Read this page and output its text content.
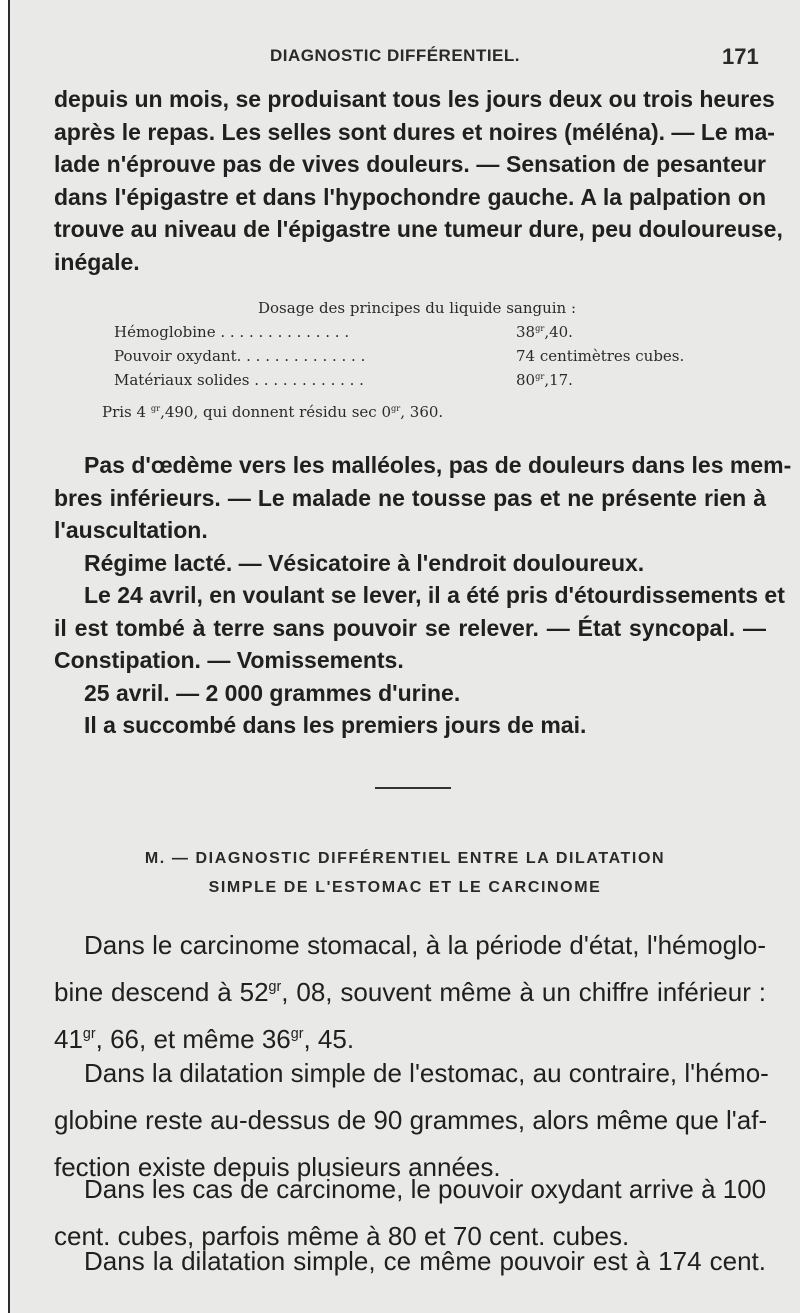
DIAGNOSTIC DIFFÉRENTIEL.	171
depuis un mois, se produisant tous les jours deux ou trois heures
après le repas. Les selles sont dures et noires (méléna). — Le ma-
lade n'éprouve pas de vives douleurs. — Sensation de pesanteur
dans l'épigastre et dans l'hypochondre gauche. A la palpation on
trouve au niveau de l'épigastre une tumeur dure, peu douloureuse,
inégale.
Dosage des principes du liquide sanguin :
Hémoglobine . . . . . . . . . . . . . .	$38^{gr},40$.
Pouvoir oxydant. . . . . . . . . . . . . .	74 centimètres cubes.
Matériaux solides . . . . . . . . . . . .	$80^{gr},17$.
Pris 4 $^{gr}$,490, qui donnent résidu $\sec 0^{gr}$, 360.
Pas d'œdème vers les malléoles, pas de douleurs dans les mem-
bres inférieurs. — Le malade ne tousse pas et ne présente rien à
l'auscultation.
Régime lacté. — Vésicatoire à l'endroit douloureux.
Le 24 avril, en voulant se lever, il a été pris d'étourdissements et
il est tombé à terre sans pouvoir se relever. — État syncopal. —
Constipation. — Vomissements.
25 avril. — 2 000 grammes d'urine.
Il a succombé dans les premiers jours de mai.
M. — DIAGNOSTIC DIFFÉRENTIEL ENTRE LA DILATATION
SIMPLE DE L'ESTOMAC ET LE CARCINOME
Dans le carcinome stomacal, à la période d'état, l'hémoglo-
bine descend à $52^{gr}$, 08, souvent même à un chiffre inférieur :
$41^{gr}$, 66, et même $36^{gr}$, 45.
Dans la dilatation simple de l'estomac, au contraire, l'hémo-
globine reste au-dessus de 90 grammes, alors même que l'af-
fection existe depuis plusieurs années.
Dans les cas de carcinome, le pouvoir oxydant arrive à 100
cent. cubes, parfois même à 80 et 70 cent. cubes.
Dans la dilatation simple, ce même pouvoir est à 174 cent.
